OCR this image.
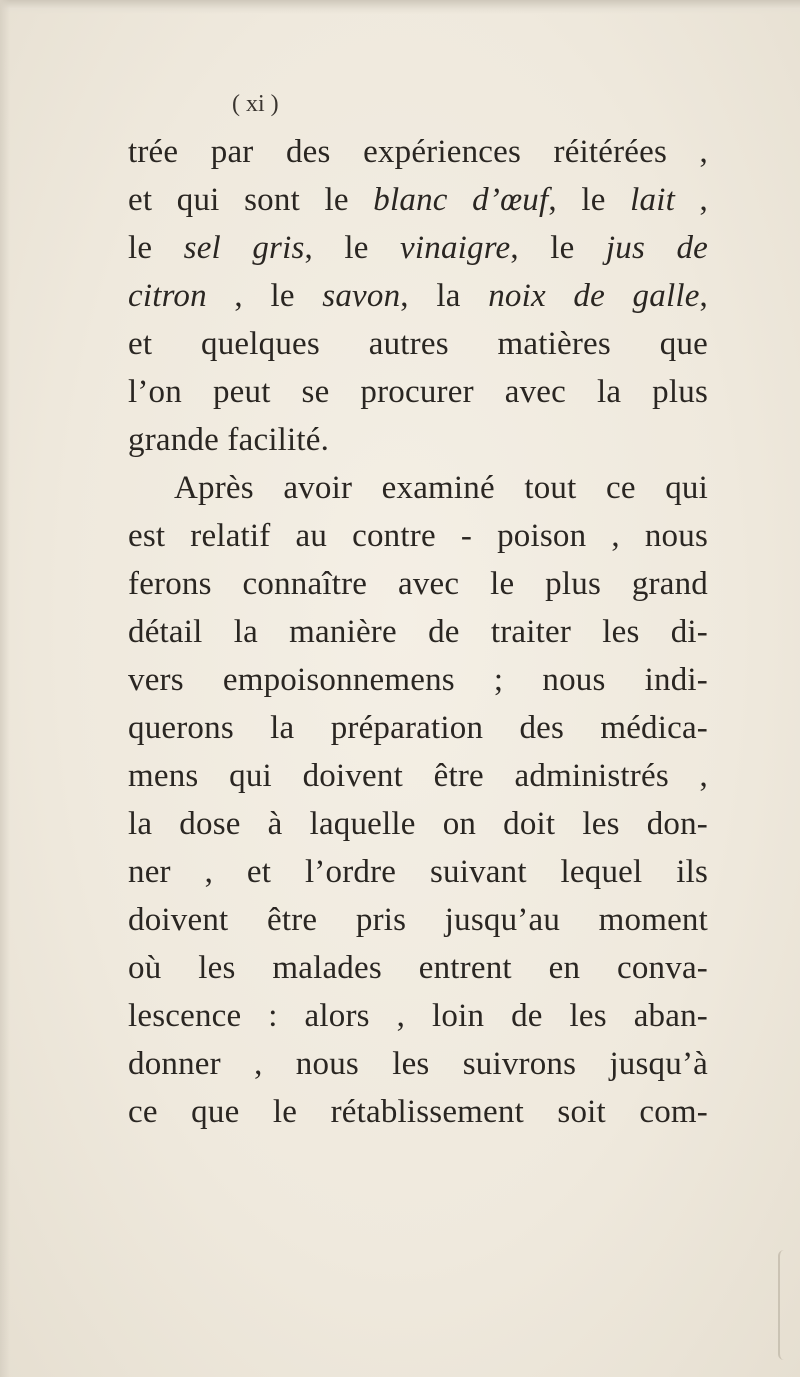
( xi )
trée par des expériences réitérées ,
et qui sont le blanc d’œuf, le lait ,
le sel gris, le vinaigre, le jus de
citron , le savon, la noix de galle,
et quelques autres matières que
l’on peut se procurer avec la plus
grande facilité.
Après avoir examiné tout ce qui
est relatif au contre - poison , nous
ferons connaître avec le plus grand
détail la manière de traiter les di-
vers empoisonnemens ; nous indi-
querons la préparation des médica-
mens qui doivent être administrés ,
la dose à laquelle on doit les don-
ner , et l’ordre suivant lequel ils
doivent être pris jusqu’au moment
où les malades entrent en conva-
lescence : alors , loin de les aban-
donner , nous les suivrons jusqu’à
ce que le rétablissement soit com-
